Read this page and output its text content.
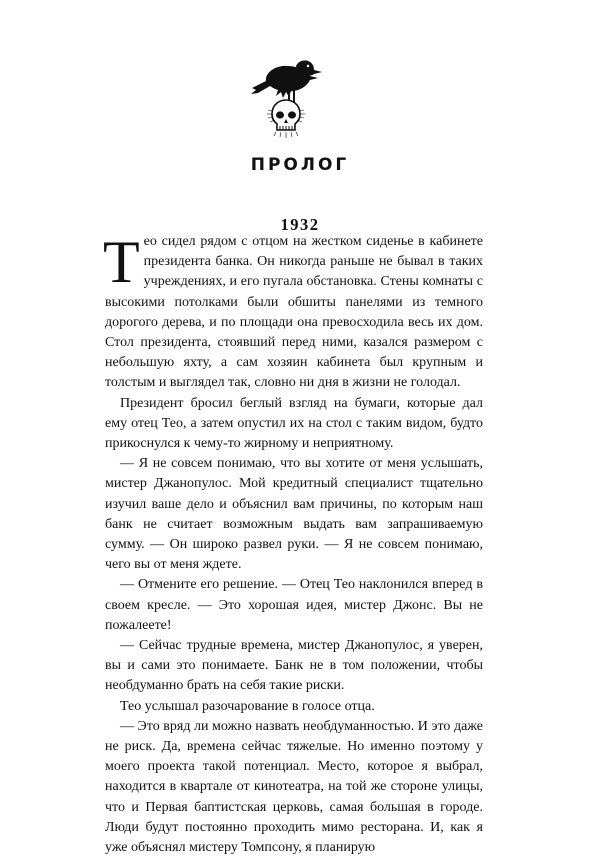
ПРОЛОГ
1932

Тео сидел рядом с отцом на жестком сиденье в кабинете президента банка. Он никогда раньше не бывал в таких учреждениях, и его пугала обстановка. Стены комнаты с высокими потолками были обшиты панелями из темного дорогого дерева, и по площади она превосходила весь их дом. Стол президента, стоявший перед ними, казался размером с небольшую яхту, а сам хозяин кабинета был крупным и толстым и выглядел так, словно ни дня в жизни не голодал.

Президент бросил беглый взгляд на бумаги, которые дал ему отец Тео, а затем опустил их на стол с таким видом, будто прикоснулся к чему-то жирному и неприятному.

— Я не совсем понимаю, что вы хотите от меня услышать, мистер Джанопулос. Мой кредитный специалист тщательно изучил ваше дело и объяснил вам причины, по которым наш банк не считает возможным выдать вам запрашиваемую сумму. — Он широко развел руки. — Я не совсем понимаю, чего вы от меня ждете.

— Отмените его решение. — Отец Тео наклонился вперед в своем кресле. — Это хорошая идея, мистер Джонс. Вы не пожалеете!

— Сейчас трудные времена, мистер Джанопулос, я уверен, вы и сами это понимаете. Банк не в том положении, чтобы необдуманно брать на себя такие риски.

Тео услышал разочарование в голосе отца.

— Это вряд ли можно назвать необдуманностью. И это даже не риск. Да, времена сейчас тяжелые. Но именно поэтому у моего проекта такой потенциал. Место, которое я выбрал, находится в квартале от кинотеатра, на той же стороне улицы, что и Первая баптистская церковь, самая большая в городе. Люди будут постоянно проходить мимо ресторана. И, как я уже объяснял мистеру Томпсону, я планирую
